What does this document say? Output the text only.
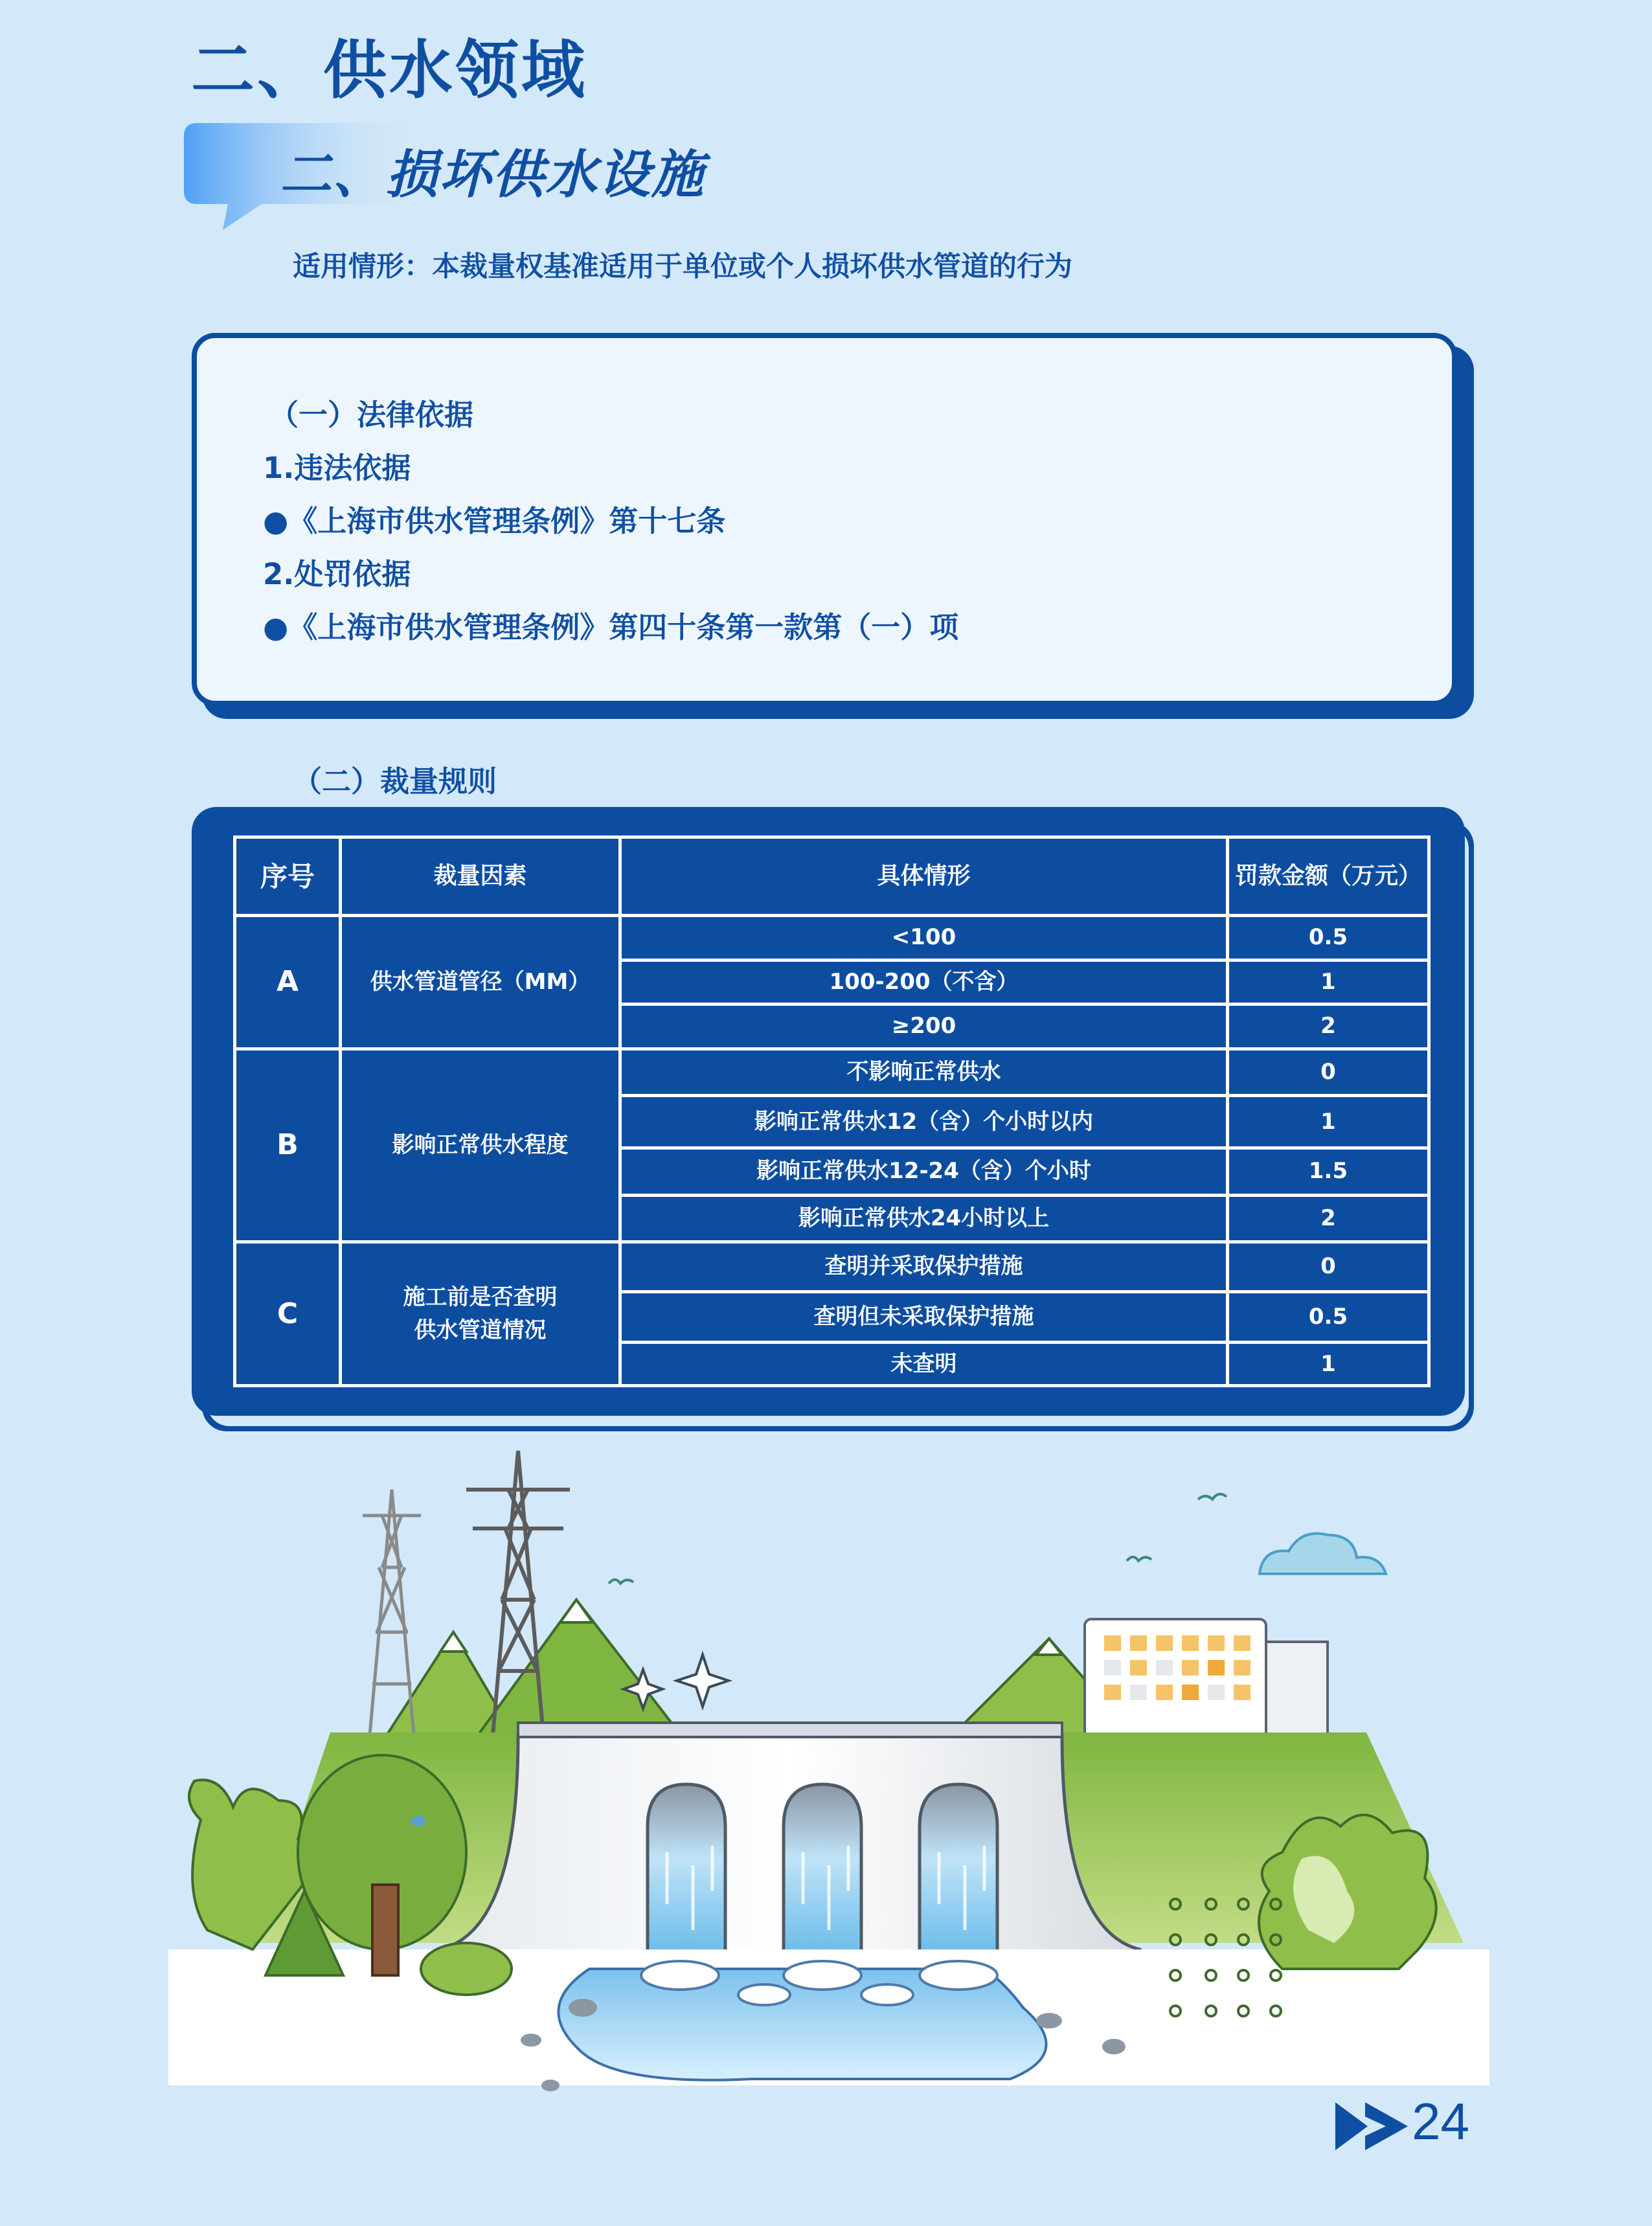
二、供水领域
二、损坏供水设施
适用情形：本裁量权基准适用于单位或个人损坏供水管道的行为
（一）法律依据
1.违法依据
●《上海市供水管理条例》第十七条
2.处罚依据
●《上海市供水管理条例》第四十条第一款第（一）项
（二）裁量规则
序号	裁量因素	具体情形	罚款金额（万元）
A	供水管道管径（MM）	<100	0.5
		100-200（不含）	1
		≥200	2
B	影响正常供水程度	不影响正常供水	0
		影响正常供水12（含）个小时以内	1
		影响正常供水12-24（含）个小时	1.5
		影响正常供水24小时以上	2
C	施工前是否查明
供水管道情况	查明并采取保护措施	0
		查明但未采取保护措施	0.5
		未查明	1
24
